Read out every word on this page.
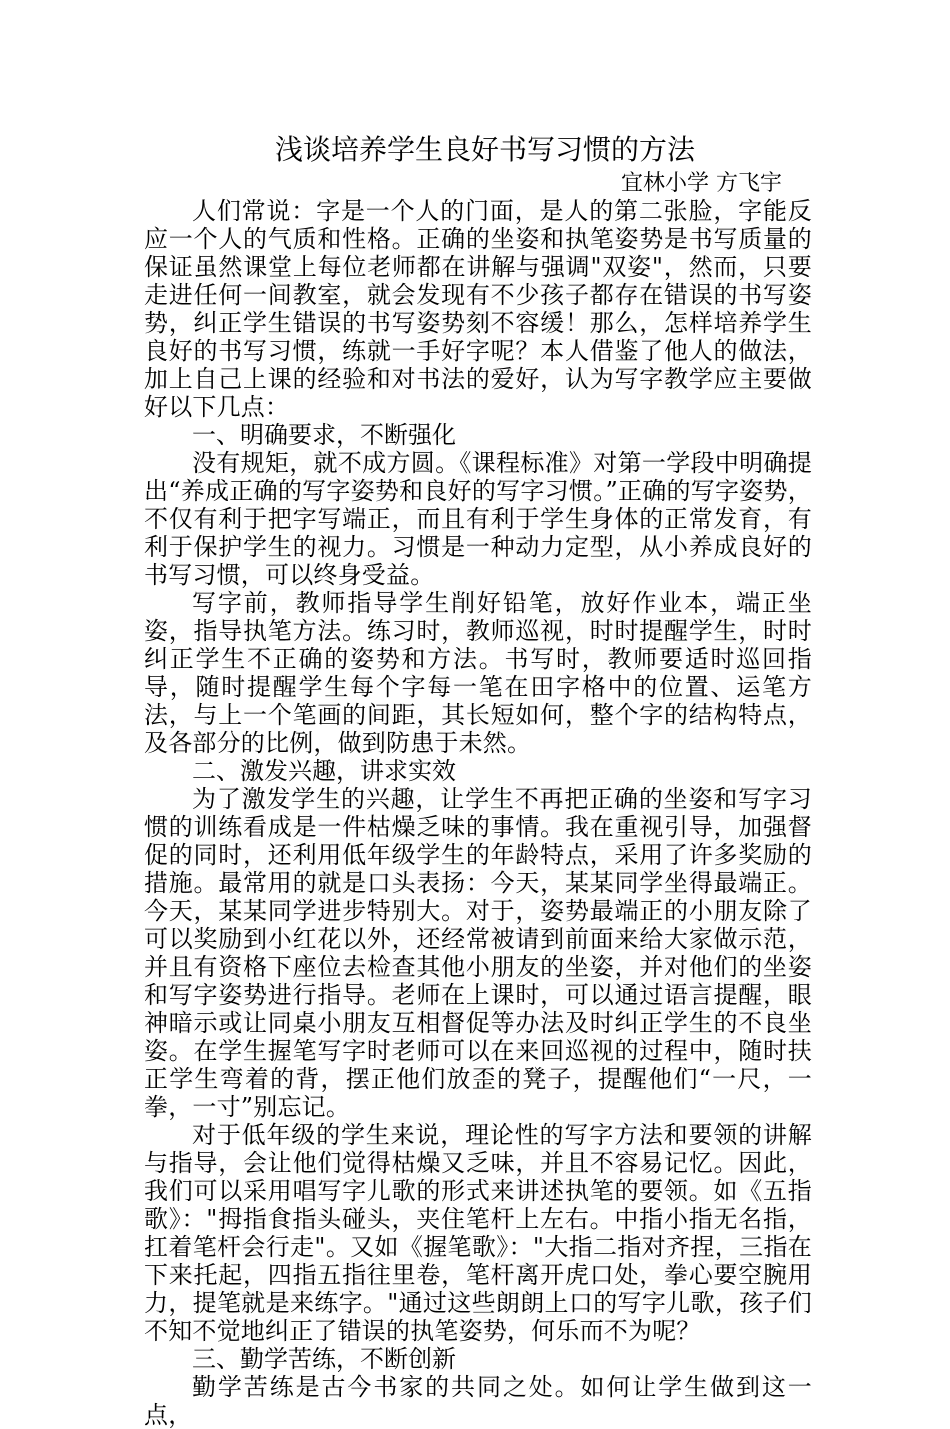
浅谈培养学生良好书写习惯的方法

宜林小学 方飞宇

人们常说：字是一个人的门面，是人的第二张脸，字能反应一个人的气质和性格。正确的坐姿和执笔姿势是书写质量的保证虽然课堂上每位老师都在讲解与强调"双姿"，然而，只要走进任何一间教室，就会发现有不少孩子都存在错误的书写姿势，纠正学生错误的书写姿势刻不容缓！那么，怎样培养学生良好的书写习惯，练就一手好字呢？本人借鉴了他人的做法，加上自己上课的经验和对书法的爱好，认为写字教学应主要做好以下几点：

一、明确要求，不断强化

没有规矩，就不成方圆。《课程标准》对第一学段中明确提出“养成正确的写字姿势和良好的写字习惯。”正确的写字姿势，不仅有利于把字写端正，而且有利于学生身体的正常发育，有利于保护学生的视力。习惯是一种动力定型，从小养成良好的书写习惯，可以终身受益。

写字前，教师指导学生削好铅笔，放好作业本，端正坐姿，指导执笔方法。练习时，教师巡视，时时提醒学生，时时纠正学生不正确的姿势和方法。书写时，教师要适时巡回指导，随时提醒学生每个字每一笔在田字格中的位置、运笔方法，与上一个笔画的间距，其长短如何，整个字的结构特点，及各部分的比例，做到防患于未然。

二、激发兴趣，讲求实效

为了激发学生的兴趣，让学生不再把正确的坐姿和写字习惯的训练看成是一件枯燥乏味的事情。我在重视引导，加强督促的同时，还利用低年级学生的年龄特点，采用了许多奖励的措施。最常用的就是口头表扬：今天，某某同学坐得最端正。今天，某某同学进步特别大。对于，姿势最端正的小朋友除了可以奖励到小红花以外，还经常被请到前面来给大家做示范，并且有资格下座位去检查其他小朋友的坐姿，并对他们的坐姿和写字姿势进行指导。老师在上课时，可以通过语言提醒，眼神暗示或让同桌小朋友互相督促等办法及时纠正学生的不良坐姿。在学生握笔写字时老师可以在来回巡视的过程中，随时扶正学生弯着的背，摆正他们放歪的凳子，提醒他们“一尺，一拳，一寸”别忘记。

对于低年级的学生来说，理论性的写字方法和要领的讲解与指导，会让他们觉得枯燥又乏味，并且不容易记忆。因此，我们可以采用唱写字儿歌的形式来讲述执笔的要领。如《五指歌》："拇指食指头碰头，夹住笔杆上左右。中指小指无名指，扛着笔杆会行走"。又如《握笔歌》："大指二指对齐捏，三指在下来托起，四指五指往里卷，笔杆离开虎口处，拳心要空腕用力，提笔就是来练字。"通过这些朗朗上口的写字儿歌，孩子们不知不觉地纠正了错误的执笔姿势，何乐而不为呢？

三、勤学苦练，不断创新

勤学苦练是古今书家的共同之处。如何让学生做到这一点，
